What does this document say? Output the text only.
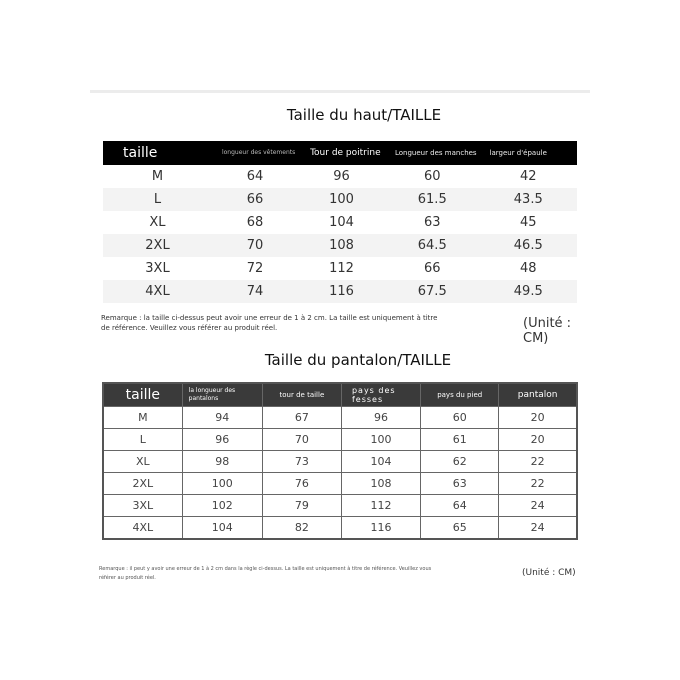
Taille du haut/TAILLE
taille	longueur des vêtements	Tour de poitrine	Longueur des manches	largeur d'épaule
M	64	96	60	42
L	66	100	61.5	43.5
XL	68	104	63	45
2XL	70	108	64.5	46.5
3XL	72	112	66	48
4XL	74	116	67.5	49.5
Remarque : la taille ci-dessus peut avoir une erreur de 1 à 2 cm. La taille est uniquement à titre de référence. Veuillez vous référer au produit réel.	(Unité : CM)
Taille du pantalon/TAILLE
taille	la longueur des pantalons	tour de taille	pays des fesses	pays du pied	pantalon
M	94	67	96	60	20
L	96	70	100	61	20
XL	98	73	104	62	22
2XL	100	76	108	63	22
3XL	102	79	112	64	24
4XL	104	82	116	65	24
Remarque : il peut y avoir une erreur de 1 à 2 cm dans la règle ci-dessus. La taille est uniquement à titre de référence. Veuillez vous référer au produit réel.	(Unité : CM)
